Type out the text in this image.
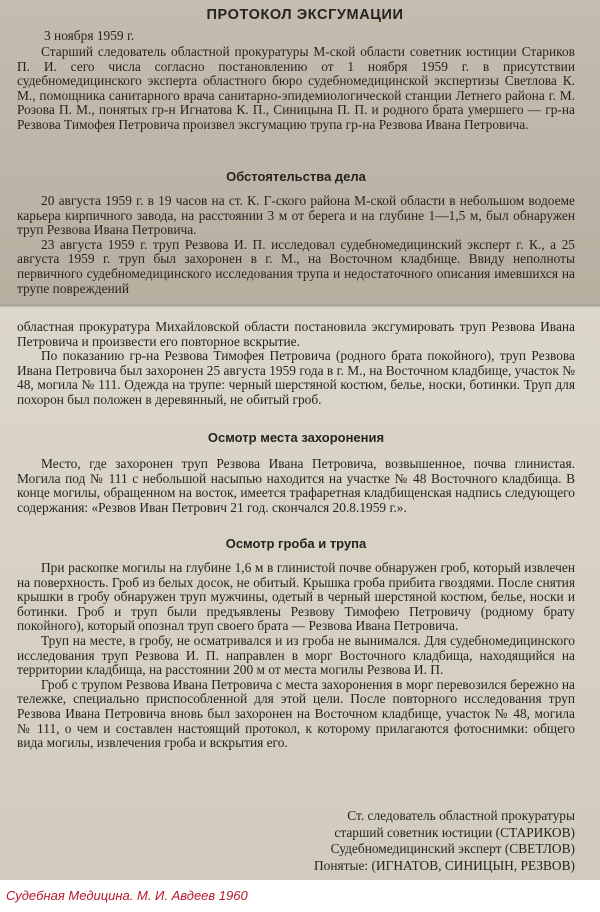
ПРОТОКОЛ ЭКСГУМАЦИИ

3 ноября 1959 г.

Старший следователь областной прокуратуры М-ской области советник юстиции Стариков П. И. сего числа согласно постановлению от 1 ноября 1959 г. в присутствии судебномедицинского эксперта областного бюро судебномедицинской экспертизы Светлова К. М., помощника санитарного врача санитарно-эпидемиологической станции Летнего района г. М. Розова П. М., понятых гр-н Игнатова К. П., Синицына П. П. и родного брата умершего — гр-на Резвова Тимофея Петровича произвел эксгумацию трупа гр-на Резвова Ивана Петровича.

Обстоятельства дела

20 августа 1959 г. в 19 часов на ст. К. Г-ского района М-ской области в небольшом водоеме карьера кирпичного завода, на расстоянии 3 м от берега и на глубине 1—1,5 м, был обнаружен труп Резвова Ивана Петровича.

23 августа 1959 г. труп Резвова И. П. исследовал судебномедицинский эксперт г. К., а 25 августа 1959 г. труп был захоронен в г. М., на Восточном кладбище. Ввиду неполноты первичного судебномедицинского исследования трупа и недостаточного описания имевшихся на трупе повреждений

областная прокуратура Михайловской области постановила эксгумировать труп Резвова Ивана Петровича и произвести его повторное вскрытие.

По показанию гр-на Резвова Тимофея Петровича (родного брата покойного), труп Резвова Ивана Петровича был захоронен 25 августа 1959 года в г. М., на Восточном кладбище, участок № 48, могила № 111. Одежда на трупе: черный шерстяной костюм, белье, носки, ботинки. Труп для похорон был положен в деревянный, не обитый гроб.

Осмотр места захоронения

Место, где захоронен труп Резвова Ивана Петровича, возвышенное, почва глинистая. Могила под № 111 с небольшой насыпью находится на участке № 48 Восточного кладбища. В конце могилы, обращенном на восток, имеется трафаретная кладбищенская надпись следующего содержания: «Резвов Иван Петрович 21 год. скончался 20.8.1959 г.».

Осмотр гроба и трупа

При раскопке могилы на глубине 1,6 м в глинистой почве обнаружен гроб, который извлечен на поверхность. Гроб из белых досок, не обитый. Крышка гроба прибита гвоздями. После снятия крышки в гробу обнаружен труп мужчины, одетый в черный шерстяной костюм, белье, носки и ботинки. Гроб и труп были предъявлены Резвову Тимофею Петровичу (родному брату покойного), который опознал труп своего брата — Резвова Ивана Петровича.

Труп на месте, в гробу, не осматривался и из гроба не вынимался. Для судебномедицинского исследования труп Резвова И. П. направлен в морг Восточного кладбища, находящийся на территории кладбища, на расстоянии 200 м от места могилы Резвова И. П.

Гроб с трупом Резвова Ивана Петровича с места захоронения в морг перевозился бережно на тележке, специально приспособленной для этой цели. После повторного исследования труп Резвова Ивана Петровича вновь был захоронен на Восточном кладбище, участок № 48, могила № 111, о чем и составлен настоящий протокол, к которому прилагаются фотоснимки: общего вида могилы, извлечения гроба и вскрытия его.

Ст. следователь областной прокуратуры

старший советник юстиции (СТАРИКОВ)

Судебномедицинский эксперт (СВЕТЛОВ)

Понятые: (ИГНАТОВ, СИНИЦЫН, РЕЗВОВ)

Судебная Медицина. М. И. Авдеев 1960
